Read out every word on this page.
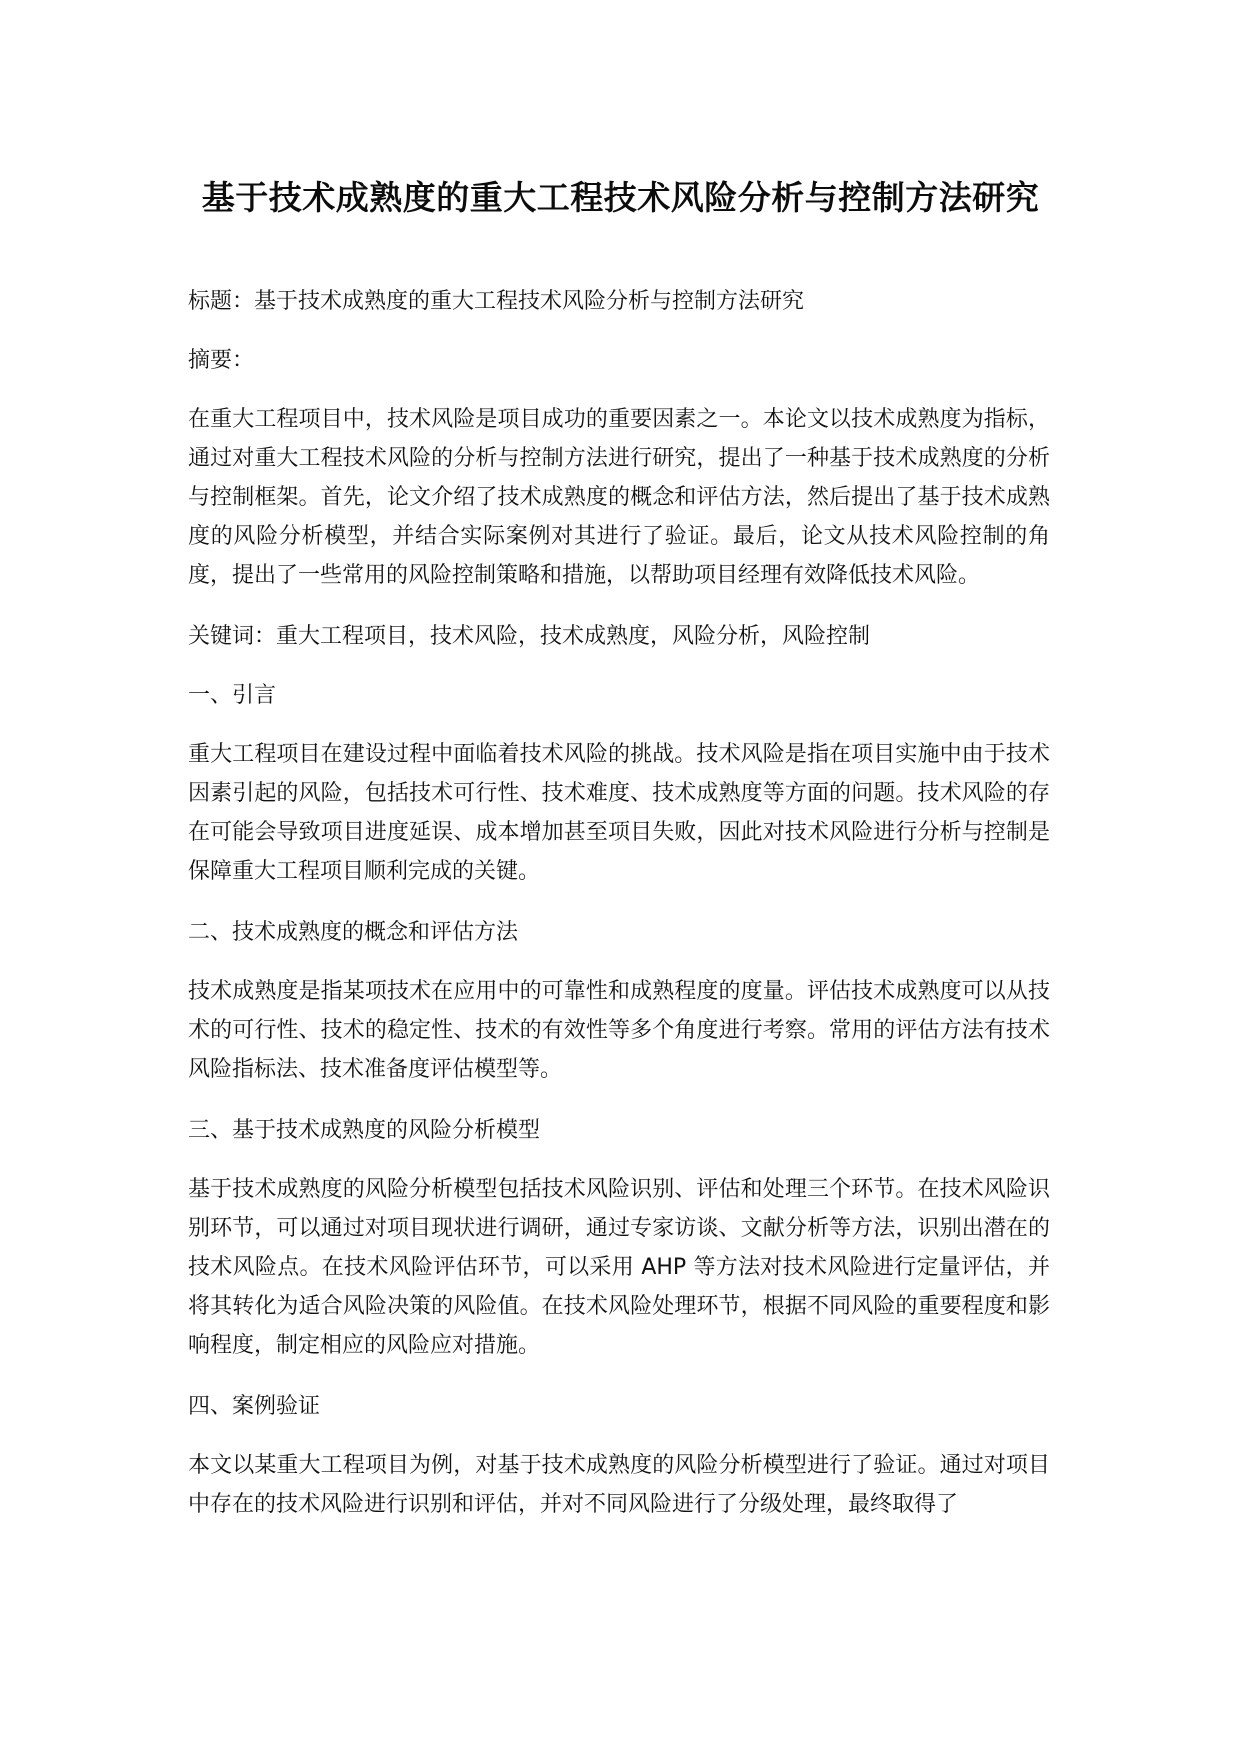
基于技术成熟度的重大工程技术风险分析与控制方法研究

标题：基于技术成熟度的重大工程技术风险分析与控制方法研究

摘要：

在重大工程项目中，技术风险是项目成功的重要因素之一。本论文以技术成熟度为指标，通过对重大工程技术风险的分析与控制方法进行研究，提出了一种基于技术成熟度的分析与控制框架。首先，论文介绍了技术成熟度的概念和评估方法，然后提出了基于技术成熟度的风险分析模型，并结合实际案例对其进行了验证。最后，论文从技术风险控制的角度，提出了一些常用的风险控制策略和措施，以帮助项目经理有效降低技术风险。

关键词：重大工程项目，技术风险，技术成熟度，风险分析，风险控制

一、引言

重大工程项目在建设过程中面临着技术风险的挑战。技术风险是指在项目实施中由于技术因素引起的风险，包括技术可行性、技术难度、技术成熟度等方面的问题。技术风险的存在可能会导致项目进度延误、成本增加甚至项目失败，因此对技术风险进行分析与控制是保障重大工程项目顺利完成的关键。

二、技术成熟度的概念和评估方法

技术成熟度是指某项技术在应用中的可靠性和成熟程度的度量。评估技术成熟度可以从技术的可行性、技术的稳定性、技术的有效性等多个角度进行考察。常用的评估方法有技术风险指标法、技术准备度评估模型等。

三、基于技术成熟度的风险分析模型

基于技术成熟度的风险分析模型包括技术风险识别、评估和处理三个环节。在技术风险识别环节，可以通过对项目现状进行调研，通过专家访谈、文献分析等方法，识别出潜在的技术风险点。在技术风险评估环节，可以采用 AHP 等方法对技术风险进行定量评估，并将其转化为适合风险决策的风险值。在技术风险处理环节，根据不同风险的重要程度和影响程度，制定相应的风险应对措施。

四、案例验证

本文以某重大工程项目为例，对基于技术成熟度的风险分析模型进行了验证。通过对项目中存在的技术风险进行识别和评估，并对不同风险进行了分级处理，最终取得了
